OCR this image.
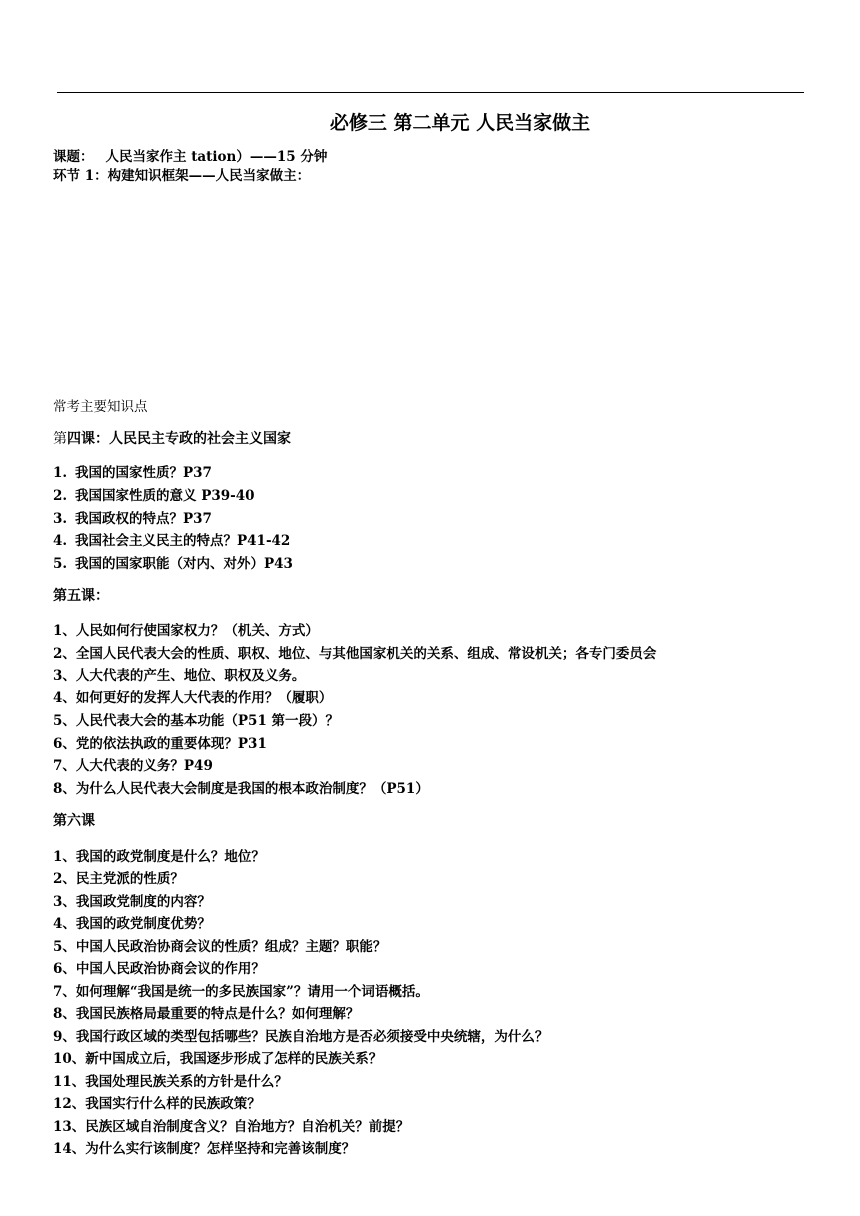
必修三 第二单元 人民当家做主
课题： 人民当家作主 tation）——15 分钟
环节 1：构建知识框架——人民当家做主：
常考主要知识点
第四课：人民民主专政的社会主义国家
1. 我国的国家性质？P37
2. 我国国家性质的意义 P39-40
3. 我国政权的特点？P37
4. 我国社会主义民主的特点？P41-42
5. 我国的国家职能（对内、对外）P43
第五课：
1、人民如何行使国家权力？（机关、方式）
2、全国人民代表大会的性质、职权、地位、与其他国家机关的关系、组成、常设机关；各专门委员会
3、人大代表的产生、地位、职权及义务。
4、如何更好的发挥人大代表的作用？（履职）
5、人民代表大会的基本功能（P51 第一段）？
6、党的依法执政的重要体现？P31
7、人大代表的义务？P49
8、为什么人民代表大会制度是我国的根本政治制度？（P51）
第六课
1、我国的政党制度是什么？地位？
2、民主党派的性质？
3、我国政党制度的内容？
4、我国的政党制度优势？
5、中国人民政治协商会议的性质？组成？主题？职能？
6、中国人民政治协商会议的作用？
7、如何理解“我国是统一的多民族国家”？请用一个词语概括。
8、我国民族格局最重要的特点是什么？如何理解？
9、我国行政区域的类型包括哪些？民族自治地方是否必须接受中央统辖，为什么？
10、新中国成立后，我国逐步形成了怎样的民族关系？
11、我国处理民族关系的方针是什么？
12、我国实行什么样的民族政策？
13、民族区域自治制度含义？自治地方？自治机关？前提？
14、为什么实行该制度？怎样坚持和完善该制度？
